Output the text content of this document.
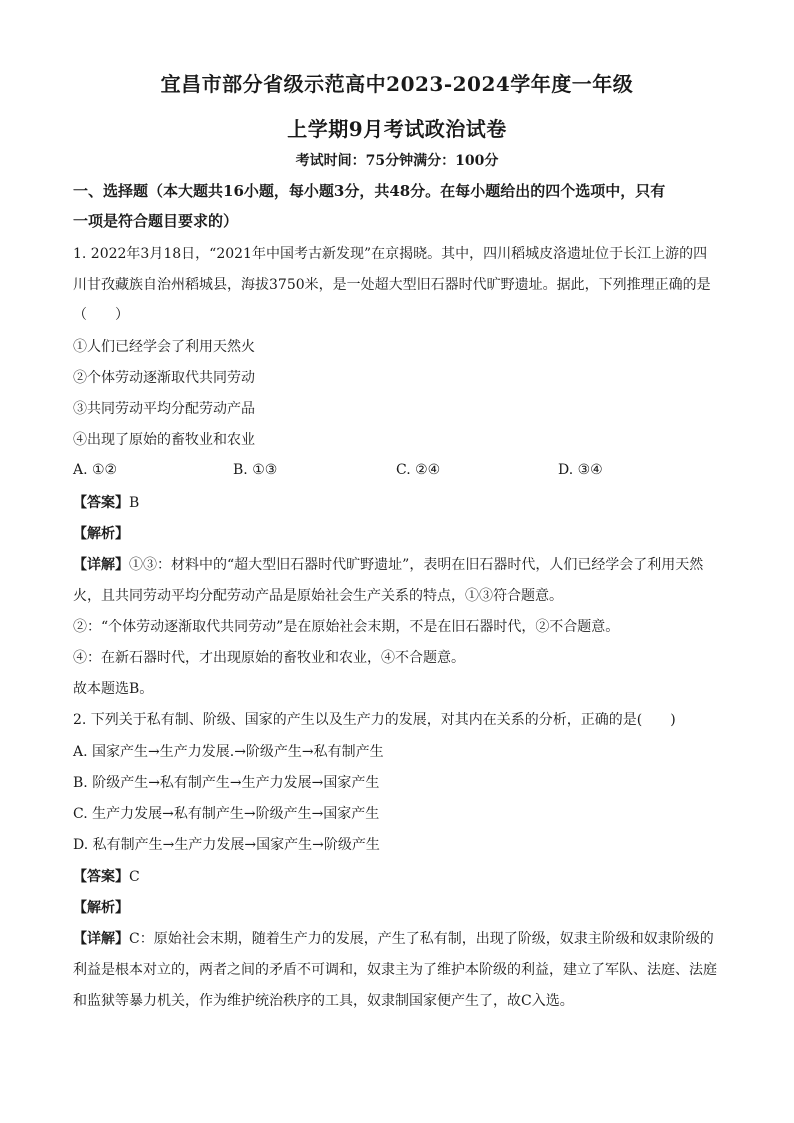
宜昌市部分省级示范高中2023-2024学年度一年级
上学期9月考试政治试卷
考试时间：75分钟满分：100分
一、选择题（本大题共16小题，每小题3分，共48分。在每小题给出的四个选项中，只有
一项是符合题目要求的）
1. 2022年3月18日，“2021年中国考古新发现”在京揭晓。其中，四川稻城皮洛遗址位于长江上游的四
川甘孜藏族自治州稻城县，海拔3750米，是一处超大型旧石器时代旷野遗址。据此，下列推理正确的是
（　　）
①人们已经学会了利用天然火
②个体劳动逐渐取代共同劳动
③共同劳动平均分配劳动产品
④出现了原始的畜牧业和农业
A. ①②	B. ①③	C. ②④	D. ③④
【答案】B
【解析】
【详解】①③：材料中的“超大型旧石器时代旷野遗址”，表明在旧石器时代，人们已经学会了利用天然
火，且共同劳动平均分配劳动产品是原始社会生产关系的特点，①③符合题意。
②：“个体劳动逐渐取代共同劳动”是在原始社会末期，不是在旧石器时代，②不合题意。
④：在新石器时代，才出现原始的畜牧业和农业，④不合题意。
故本题选B。
2. 下列关于私有制、阶级、国家的产生以及生产力的发展，对其内在关系的分析，正确的是(　　)
A. 国家产生→生产力发展.→阶级产生→私有制产生
B. 阶级产生→私有制产生→生产力发展→国家产生
C. 生产力发展→私有制产生→阶级产生→国家产生
D. 私有制产生→生产力发展→国家产生→阶级产生
【答案】C
【解析】
【详解】C：原始社会末期，随着生产力的发展，产生了私有制，出现了阶级，奴隶主阶级和奴隶阶级的
利益是根本对立的，两者之间的矛盾不可调和，奴隶主为了维护本阶级的利益，建立了军队、法庭、法庭
和监狱等暴力机关，作为维护统治秩序的工具，奴隶制国家便产生了，故C入选。
